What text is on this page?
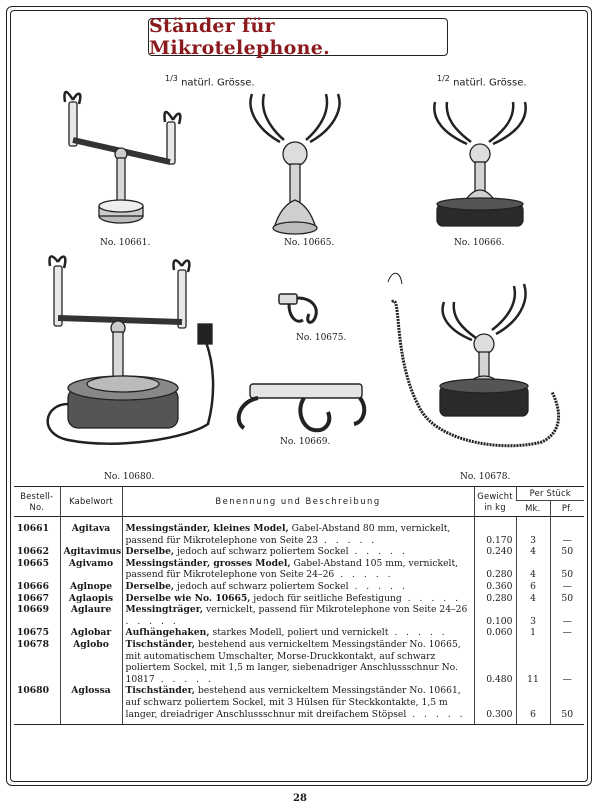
Ständer für Mikrotelephone.
$^{1/3}$ natürl. Grösse.	$^{1/2}$ natürl. Grösse.
No. 10661.	No. 10665.	No. 10666.
No. 10680.
No. 10675.
No. 10669.
No. 10678.
Bestell-No.	Kabelwort	Benennung und Beschreibung	Gewicht in kg	Per Stück	
				Mk.	Pf.
10661	Agitava	Messingständer, kleines Model, Gabel-Abstand 80 mm, vernickelt, passend für Mikrotelephone von Seite 23 . . . . .	0.170	3	—
10662	Agitavimus	Derselbe, jedoch auf schwarz poliertem Sockel . . . . .	0.240	4	50
10665	Agivamo	Messingständer, grosses Model, Gabel-Abstand 105 mm, vernickelt, passend für Mikrotelephone von Seite 24–26 . . . . .	0.280	4	50
10666	Aglnope	Derselbe, jedoch auf schwarz poliertem Sockel . . . . .	0.360	6	—
10667	Aglaopis	Derselbe wie No. 10665, jedoch für seitliche Befestigung . . . . .	0.280	4	50
10669	Aglaure	Messingträger, vernickelt, passend für Mikrotelephone von Seite 24–26 . . . . .	0.100	3	—
10675	Aglobar	Aufhängehaken, starkes Modell, poliert und vernickelt . . . . .	0.060	1	—
10678	Aglobo	Tischständer, bestehend aus vernickeltem Messingständer No. 10665, mit automatischem Umschalter, Morse-Druckkontakt, auf schwarz poliertem Sockel, mit 1,5 m langer, siebenadriger Anschlussschnur No. 10817 . . . . .	0.480	11	—
10680	Aglossa	Tischständer, bestehend aus vernickeltem Messingständer No. 10661, auf schwarz poliertem Sockel, mit 3 Hülsen für Steckkontakte, 1,5 m langer, dreiadriger Anschlussschnur mit dreifachem Stöpsel . . . . .	0.300	6	50
28
